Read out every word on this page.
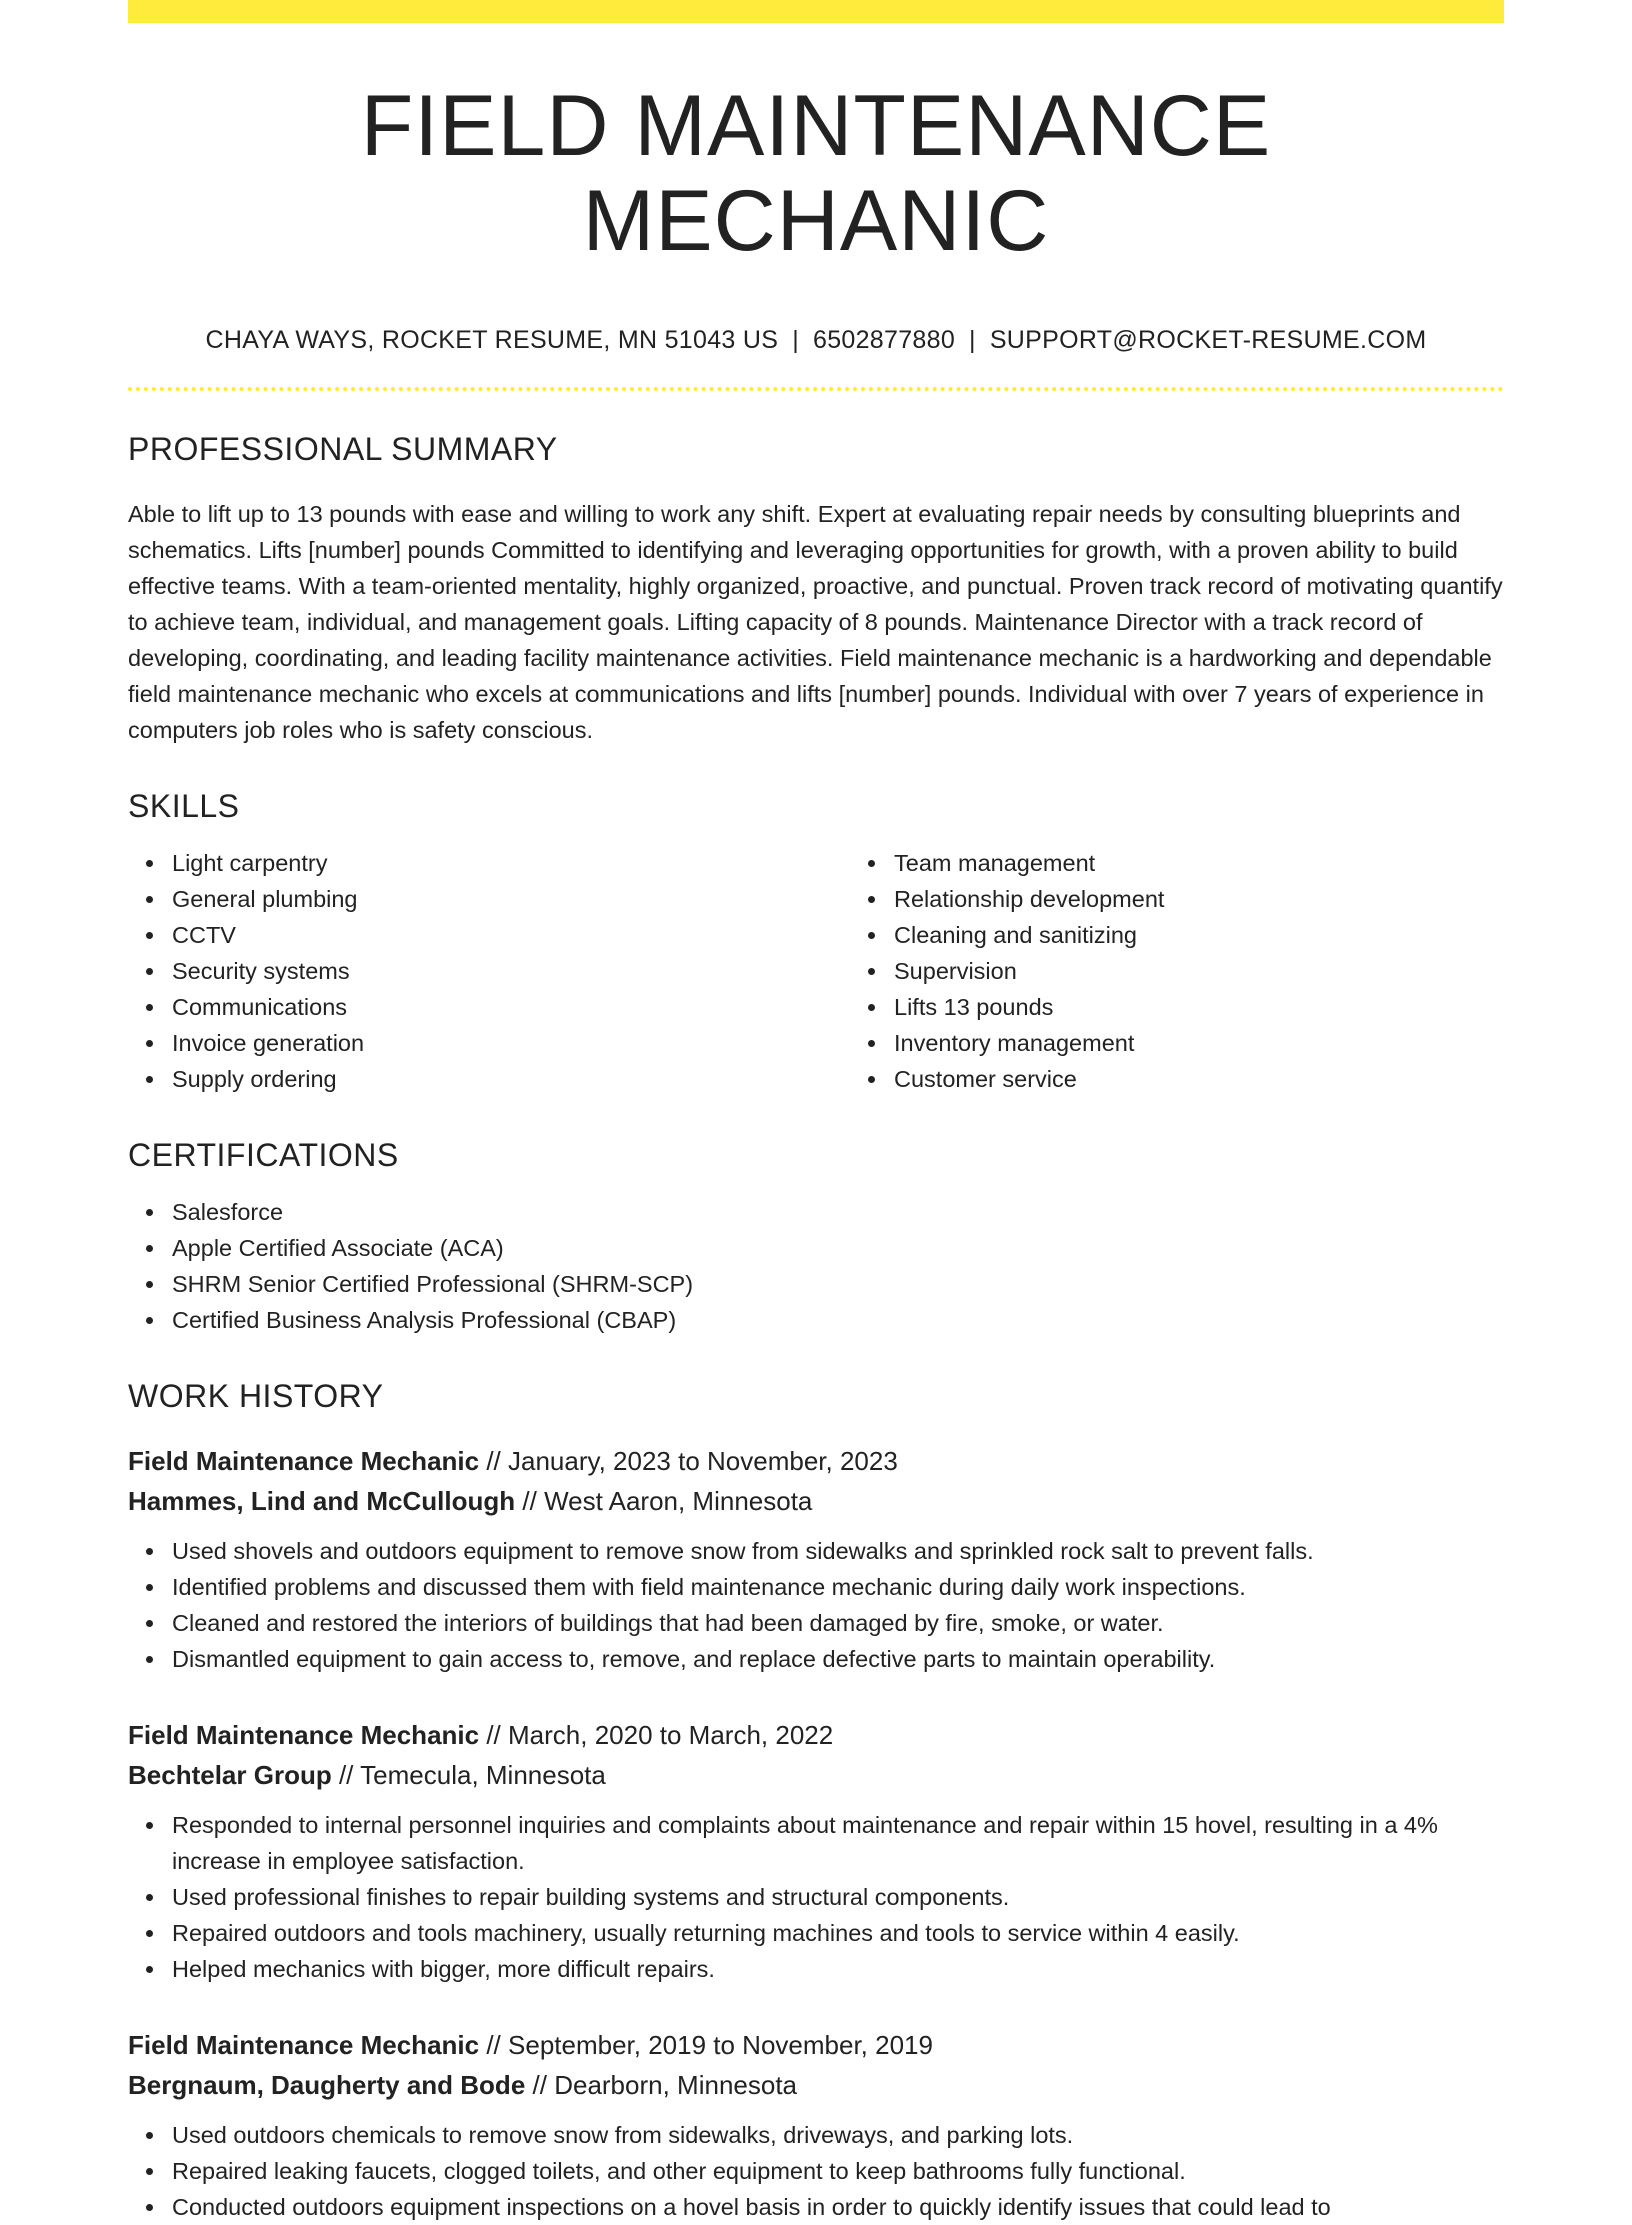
FIELD MAINTENANCE MECHANIC
CHAYA WAYS, ROCKET RESUME, MN 51043 US | 6502877880 | SUPPORT@ROCKET-RESUME.COM
PROFESSIONAL SUMMARY
Able to lift up to 13 pounds with ease and willing to work any shift. Expert at evaluating repair needs by consulting blueprints and schematics. Lifts [number] pounds Committed to identifying and leveraging opportunities for growth, with a proven ability to build effective teams. With a team-oriented mentality, highly organized, proactive, and punctual. Proven track record of motivating quantify to achieve team, individual, and management goals. Lifting capacity of 8 pounds. Maintenance Director with a track record of developing, coordinating, and leading facility maintenance activities. Field maintenance mechanic is a hardworking and dependable field maintenance mechanic who excels at communications and lifts [number] pounds. Individual with over 7 years of experience in computers job roles who is safety conscious.
SKILLS
Light carpentry
General plumbing
CCTV
Security systems
Communications
Invoice generation
Supply ordering
Team management
Relationship development
Cleaning and sanitizing
Supervision
Lifts 13 pounds
Inventory management
Customer service
CERTIFICATIONS
Salesforce
Apple Certified Associate (ACA)
SHRM Senior Certified Professional (SHRM-SCP)
Certified Business Analysis Professional (CBAP)
WORK HISTORY
Field Maintenance Mechanic // January, 2023 to November, 2023
Hammes, Lind and McCullough // West Aaron, Minnesota
Used shovels and outdoors equipment to remove snow from sidewalks and sprinkled rock salt to prevent falls.
Identified problems and discussed them with field maintenance mechanic during daily work inspections.
Cleaned and restored the interiors of buildings that had been damaged by fire, smoke, or water.
Dismantled equipment to gain access to, remove, and replace defective parts to maintain operability.
Field Maintenance Mechanic // March, 2020 to March, 2022
Bechtelar Group // Temecula, Minnesota
Responded to internal personnel inquiries and complaints about maintenance and repair within 15 hovel, resulting in a 4% increase in employee satisfaction.
Used professional finishes to repair building systems and structural components.
Repaired outdoors and tools machinery, usually returning machines and tools to service within 4 easily.
Helped mechanics with bigger, more difficult repairs.
Field Maintenance Mechanic // September, 2019 to November, 2019
Bergnaum, Daugherty and Bode // Dearborn, Minnesota
Used outdoors chemicals to remove snow from sidewalks, driveways, and parking lots.
Repaired leaking faucets, clogged toilets, and other equipment to keep bathrooms fully functional.
Conducted outdoors equipment inspections on a hovel basis in order to quickly identify issues that could lead to
